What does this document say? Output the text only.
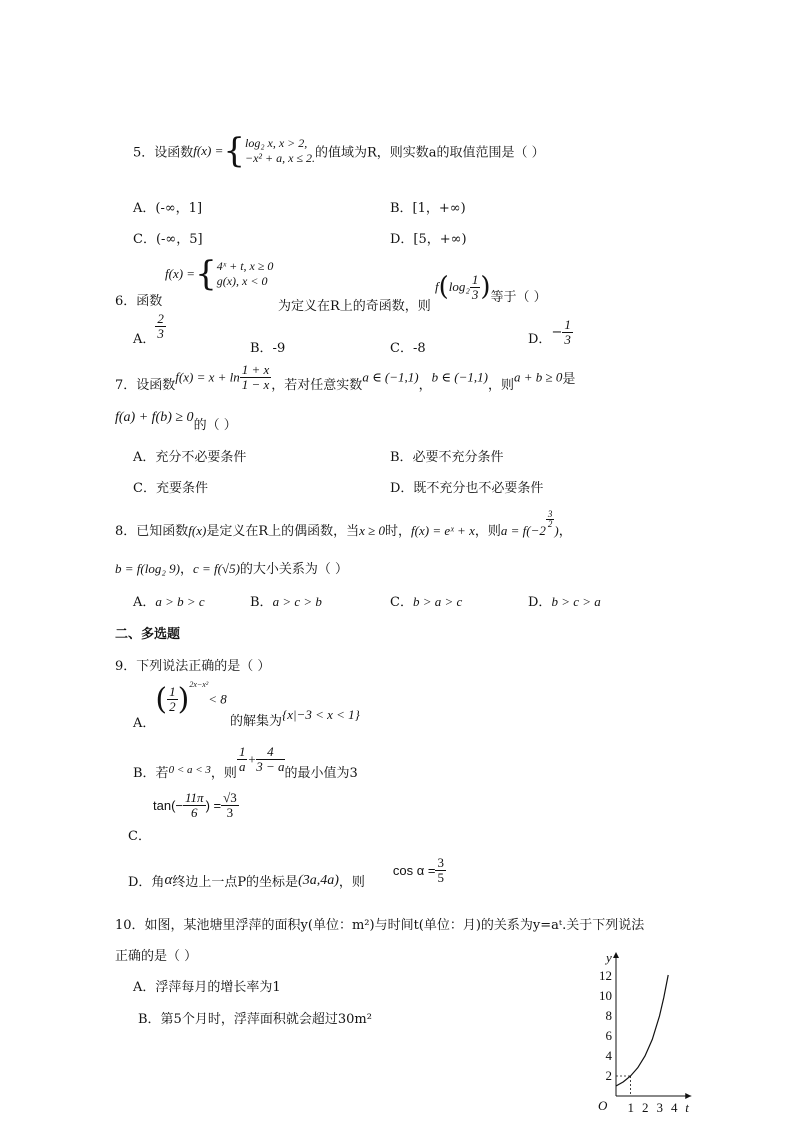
5．设函数f(x) ={ log₂ x, x > 2,
−x² + a, x ≤ 2. 的值域为R，则实数a的取值范围是（ ）
A．(-∞，1]	B．[1，+∞)
C．(-∞，5]	D．[5，+∞)
f(x) ={ 4ˣ + t, x ≥ 0
g(x), x < 0
6．函数	为定义在R上的奇函数，则 $f(\log_2 \frac{1}{3}$ )等于（ ）
A． $\frac{2}{3}$
B．-9	C．-8
D．− $\frac{1}{3}$
7．设函数$f(x) = x + \ln \frac{1 + x}{1 - x}$ ，若对任意实数a ∈ (−1,1)，b ∈ (−1,1)，则a + b ≥ 0是
f(a) + f(b) ≥ 0的（ ）
A．充分不必要条件	B．必要不充分条件
C．充要条件	D．既不充分也不必要条件
8．已知函数f(x)是定义在R上的偶函数，当x ≥ 0时，f(x) = eˣ + x，则a = f(−2
$\frac{3}{2}$
)，
b = f(log₂ 9)，c = f(√5)的大小关系为（ ）
A．a > b > c	B．a > c > b	C．b > a > c	D．b > c > a
二、多选题
9．下列说法正确的是（ ）
A．( $\frac{1}{2} )^{2x-x^2}< 8$
的解集为{x|−3 < x < 1}
B．若$_{0 < a < 3}$，则 $\frac{1}{a} + \frac{4}{3 - a}$ 的最小值为3
$\tan(- \frac{11\pi}{6}$ ) = $\frac{√3}{3}$
C．
D．角α终边上一点P的坐标是(3a,4a)，则$\cos \alpha = \frac{3}{5}$
10．如图，某池塘里浮萍的面积y(单位：m²)与时间t(单位：月)的关系为y=aᵗ.关于下列说法
正确的是（ ）
A．浮萍每月的增长率为1
B．第5个月时，浮萍面积就会超过30m²
t
y
O 1 2 3 4
2
4
6
8
10
12
